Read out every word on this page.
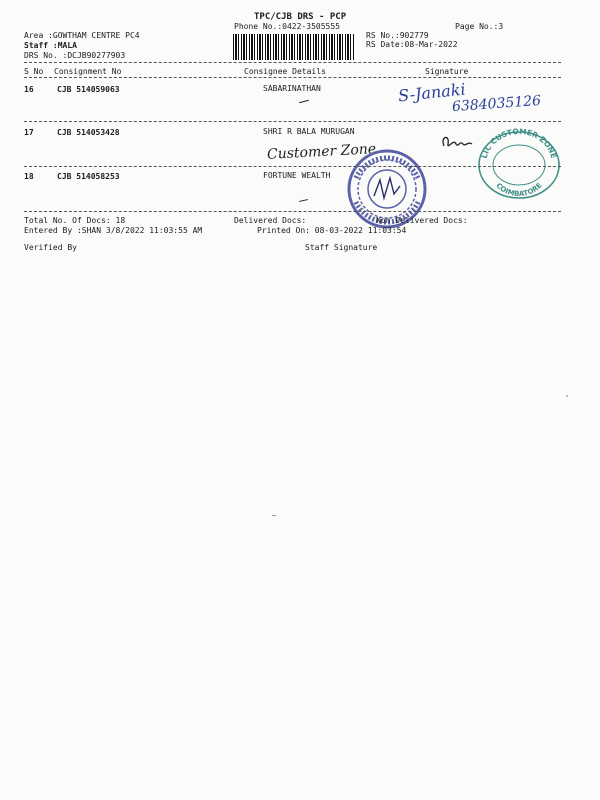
TPC/CJB DRS - PCP
Phone No.:0422-3505555	Page No.:3
Area :GOWTHAM CENTRE PC4
Staff :MALA
DRS No. :DCJB90277903
RS No.:902779
RS Date:08-Mar-2022
S No Consignment No	Consignee Details	Signature
16	CJB 514059063	SABARINATHAN	S-Janaki
6384035126
17	CJB 514053428	SHRI R BALA MURUGAN
Customer Zone	LIC CUSTOMER ZONE
COIMBATORE
18	CJB 514058253	FORTUNE WEALTH
Total No. Of Docs: 18	Delivered Docs:	Non Delivered Docs:
Entered By :SHAN 3/8/2022 11:03:55 AM	Printed On: 08-03-2022 11:03:54
Verified By	Staff Signature
